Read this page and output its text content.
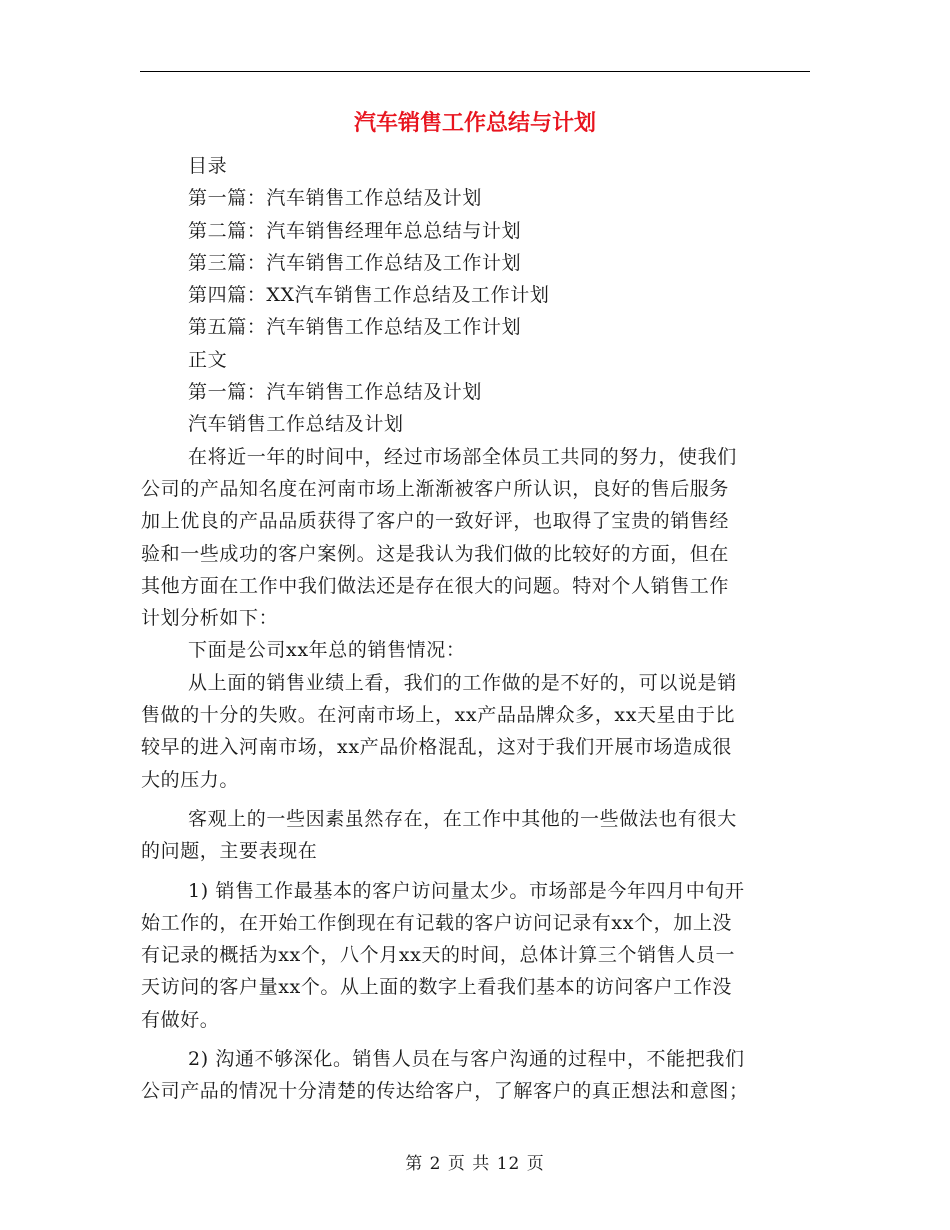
汽车销售工作总结与计划
目录
第一篇：汽车销售工作总结及计划
第二篇：汽车销售经理年总总结与计划
第三篇：汽车销售工作总结及工作计划
第四篇：XX汽车销售工作总结及工作计划
第五篇：汽车销售工作总结及工作计划
正文
第一篇：汽车销售工作总结及计划
汽车销售工作总结及计划
在将近一年的时间中，经过市场部全体员工共同的努力，使我们
公司的产品知名度在河南市场上渐渐被客户所认识，良好的售后服务
加上优良的产品品质获得了客户的一致好评，也取得了宝贵的销售经
验和一些成功的客户案例。这是我认为我们做的比较好的方面，但在
其他方面在工作中我们做法还是存在很大的问题。特对个人销售工作
计划分析如下：
下面是公司xx年总的销售情况：
从上面的销售业绩上看，我们的工作做的是不好的，可以说是销
售做的十分的失败。在河南市场上，xx产品品牌众多，xx天星由于比
较早的进入河南市场，xx产品价格混乱，这对于我们开展市场造成很
大的压力。
客观上的一些因素虽然存在，在工作中其他的一些做法也有很大
的问题，主要表现在
1) 销售工作最基本的客户访问量太少。市场部是今年四月中旬开
始工作的，在开始工作倒现在有记载的客户访问记录有xx个，加上没
有记录的概括为xx个，八个月xx天的时间，总体计算三个销售人员一
天访问的客户量xx个。从上面的数字上看我们基本的访问客户工作没
有做好。
2) 沟通不够深化。销售人员在与客户沟通的过程中，不能把我们
公司产品的情况十分清楚的传达给客户，了解客户的真正想法和意图；
第 2 页 共 12 页
